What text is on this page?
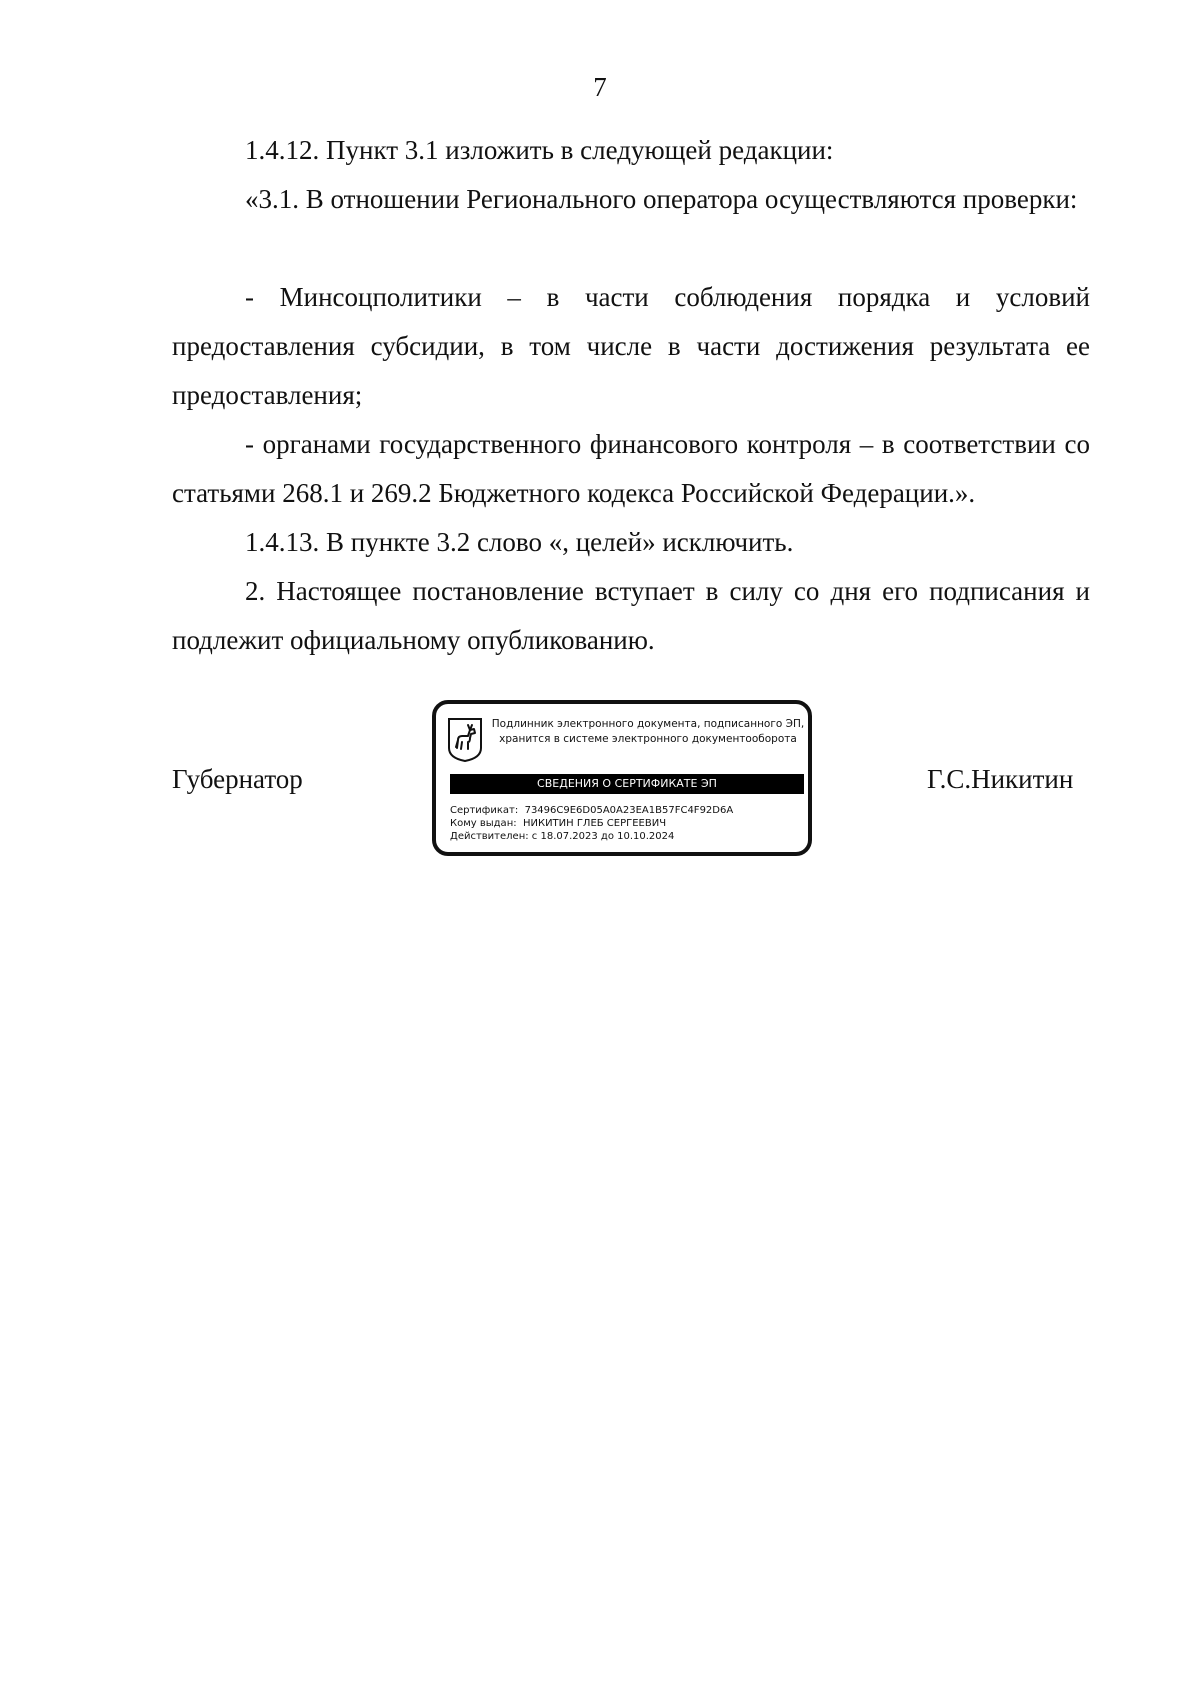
7
1.4.12. Пункт 3.1 изложить в следующей редакции:
«3.1. В отношении Регионального оператора осуществляются проверки:
- Минсоцполитики – в части соблюдения порядка и условий предоставления субсидии, в том числе в части достижения результата ее предоставления;
- органами государственного финансового контроля – в соответствии со статьями 268.1 и 269.2 Бюджетного кодекса Российской Федерации.».
1.4.13. В пункте 3.2 слово «, целей» исключить.
2. Настоящее постановление вступает в силу со дня его подписания и подлежит официальному опубликованию.
Губернатор	Г.С.Никитин
Подлинник электронного документа, подписанного ЭП,
хранится в системе электронного документооборота
СВЕДЕНИЯ О СЕРТИФИКАТЕ ЭП
Сертификат: 73496C9E6D05A0A23EA1B57FC4F92D6A
Кому выдан: НИКИТИН ГЛЕБ СЕРГЕЕВИЧ
Действителен: с 18.07.2023 до 10.10.2024
